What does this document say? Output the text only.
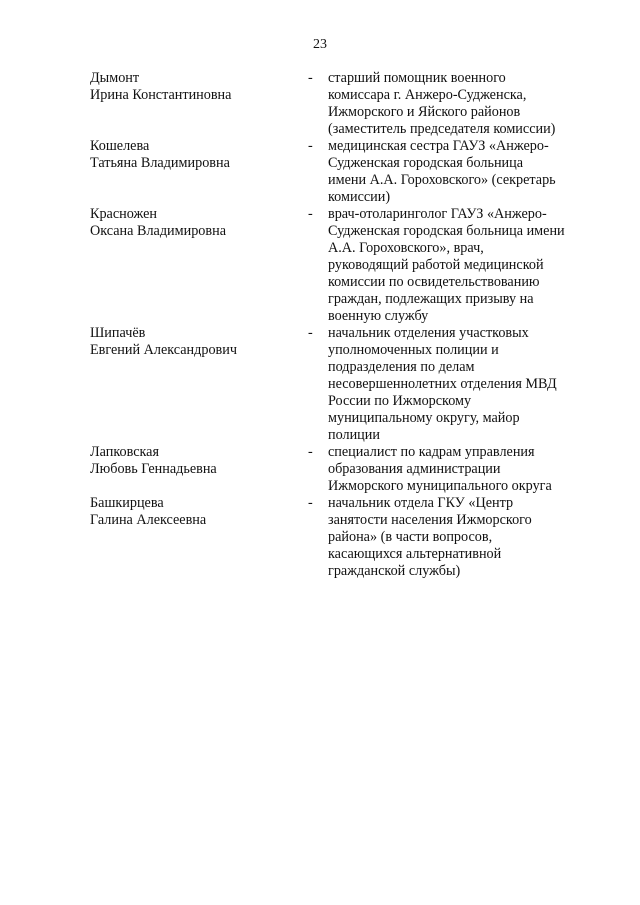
23
Дымонт
Ирина Константиновна
-	старший помощник военного
комиссара г. Анжеро-Судженска,
Ижморского и Яйского районов
(заместитель председателя комиссии)
Кошелева
Татьяна Владимировна
-	медицинская сестра ГАУЗ «Анжеро-
Судженская городская больница
имени А.А. Гороховского» (секретарь
комиссии)
Красножен
Оксана Владимировна
-	врач-отоларинголог ГАУЗ «Анжеро-
Судженская городская больница имени
А.А. Гороховского», врач,
руководящий работой медицинской
комиссии по освидетельствованию
граждан, подлежащих призыву на
военную службу
Шипачёв
Евгений Александрович
-	начальник отделения участковых
уполномоченных полиции и
подразделения по делам
несовершеннолетних отделения МВД
России по Ижморскому
муниципальному округу, майор
полиции
Лапковская
Любовь Геннадьевна
-	специалист по кадрам управления
образования администрации
Ижморского муниципального округа
Башкирцева
Галина Алексеевна
-	начальник отдела ГКУ «Центр
занятости населения Ижморского
района» (в части вопросов,
касающихся альтернативной
гражданской службы)
